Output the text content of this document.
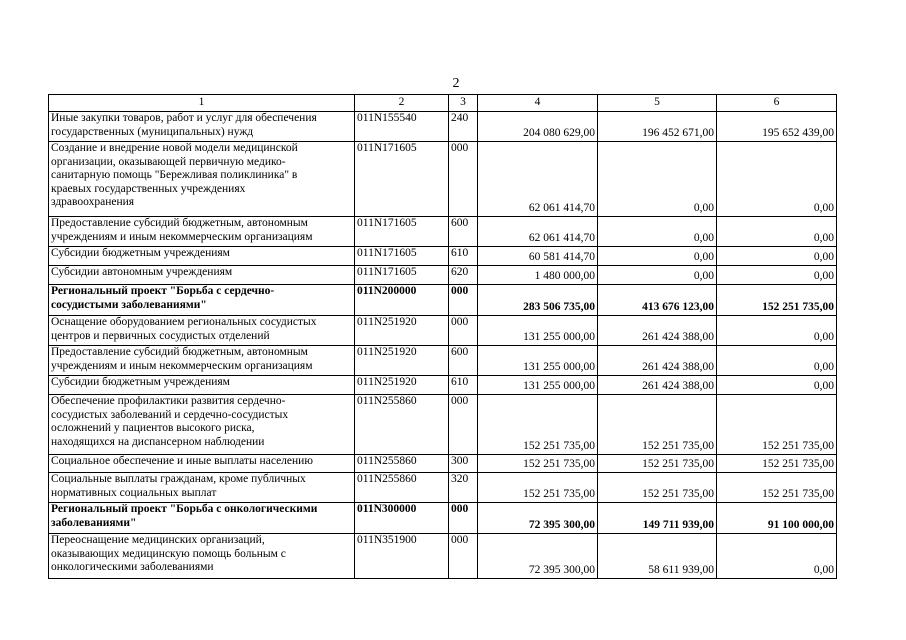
2
1	2	3	4	5	6
Иные закупки товаров, работ и услуг для обеспечения
государственных (муниципальных) нужд	011N155540	240	204 080 629,00	196 452 671,00	195 652 439,00
Создание и внедрение новой модели медицинской
организации, оказывающей первичную медико-
санитарную помощь "Бережливая поликлиника" в
краевых государственных учреждениях
здравоохранения	011N171605	000	62 061 414,70	0,00	0,00
Предоставление субсидий бюджетным, автономным
учреждениям и иным некоммерческим организациям	011N171605	600	62 061 414,70	0,00	0,00
Субсидии бюджетным учреждениям	011N171605	610	60 581 414,70	0,00	0,00
Субсидии автономным учреждениям	011N171605	620	1 480 000,00	0,00	0,00
Региональный проект "Борьба с сердечно-
сосудистыми заболеваниями"	011N200000	000	283 506 735,00	413 676 123,00	152 251 735,00
Оснащение оборудованием региональных сосудистых
центров и первичных сосудистых отделений	011N251920	000	131 255 000,00	261 424 388,00	0,00
Предоставление субсидий бюджетным, автономным
учреждениям и иным некоммерческим организациям	011N251920	600	131 255 000,00	261 424 388,00	0,00
Субсидии бюджетным учреждениям	011N251920	610	131 255 000,00	261 424 388,00	0,00
Обеспечение профилактики развития сердечно-
сосудистых заболеваний и сердечно-сосудистых
осложнений у пациентов высокого риска,
находящихся на диспансерном наблюдении	011N255860	000	152 251 735,00	152 251 735,00	152 251 735,00
Социальное обеспечение и иные выплаты населению	011N255860	300	152 251 735,00	152 251 735,00	152 251 735,00
Социальные выплаты гражданам, кроме публичных
нормативных социальных выплат	011N255860	320	152 251 735,00	152 251 735,00	152 251 735,00
Региональный проект "Борьба с онкологическими
заболеваниями"	011N300000	000	72 395 300,00	149 711 939,00	91 100 000,00
Переоснащение медицинских организаций,
оказывающих медицинскую помощь больным с
онкологическими заболеваниями	011N351900	000	72 395 300,00	58 611 939,00	0,00
